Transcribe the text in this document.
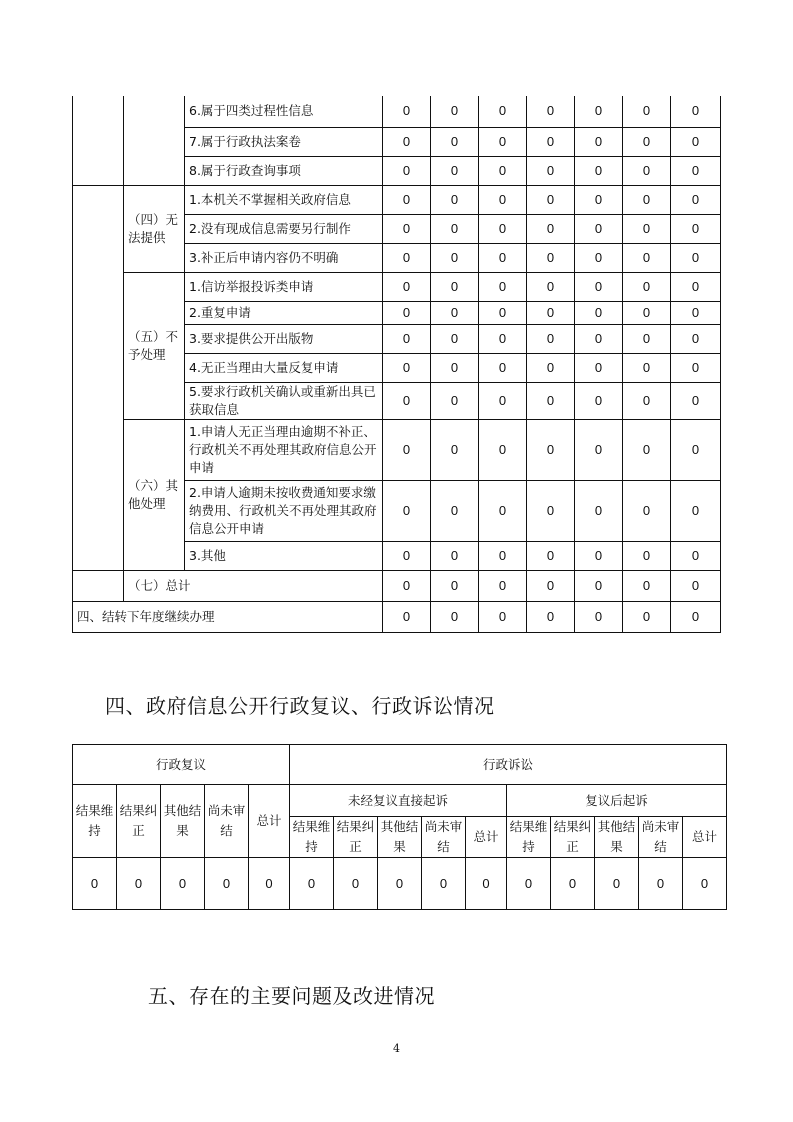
		6.属于四类过程性信息	0	0	0	0	0	0	0
		7.属于行政执法案卷	0	0	0	0	0	0	0
		8.属于行政查询事项	0	0	0	0	0	0	0

	（四）无法提供	1.本机关不掌握相关政府信息	0	0	0	0	0	0	0
		2.没有现成信息需要另行制作	0	0	0	0	0	0	0
		3.补正后申请内容仍不明确	0	0	0	0	0	0	0

	（五）不予处理	1.信访举报投诉类申请	0	0	0	0	0	0	0
		2.重复申请	0	0	0	0	0	0	0
		3.要求提供公开出版物	0	0	0	0	0	0	0
		4.无正当理由大量反复申请	0	0	0	0	0	0	0
		5.要求行政机关确认或重新出具已获取信息	0	0	0	0	0	0	0

	（六）其他处理	1.申请人无正当理由逾期不补正、行政机关不再处理其政府信息公开申请	0	0	0	0	0	0	0
		2.申请人逾期未按收费通知要求缴纳费用、行政机关不再处理其政府信息公开申请	0	0	0	0	0	0	0
		3.其他	0	0	0	0	0	0	0
	（七）总计		0	0	0	0	0	0	0
四、结转下年度继续办理			0	0	0	0	0	0	0
四、政府信息公开行政复议、行政诉讼情况
行政复议					行政诉讼									
结果维持	结果纠正	其他结果	尚未审结	总计	未经复议直接起诉					复议后起诉				
					结果维持	结果纠正	其他结果	尚未审结	总计	结果维持	结果纠正	其他结果	尚未审结	总计
0	0	0	0	0	0	0	0	0	0	0	0	0	0	0
五、存在的主要问题及改进情况
4
